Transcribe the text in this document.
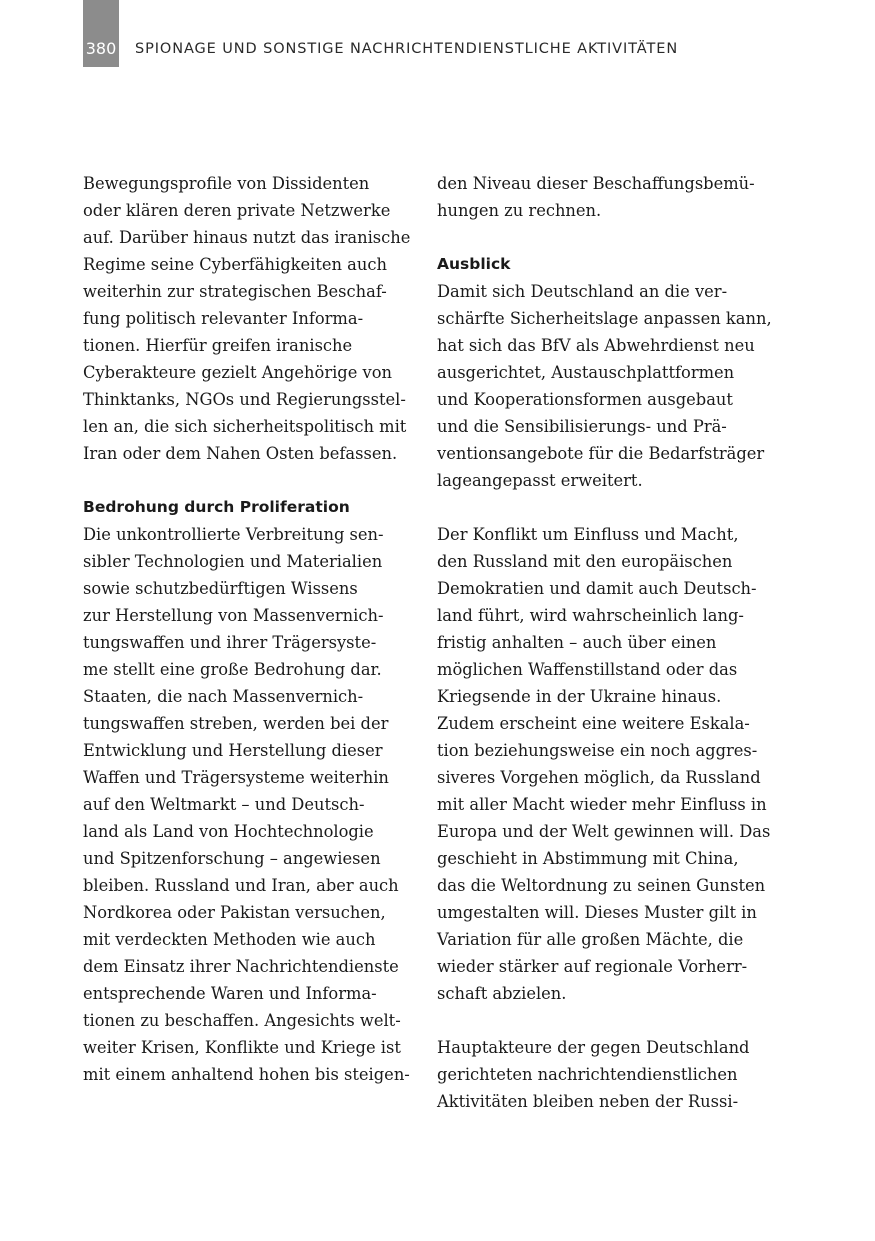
380 SPIONAGE UND SONSTIGE NACHRICHTENDIENSTLICHE AKTIVITÄTEN
Bewegungsprofile von Dissidenten
oder klären deren private Netzwerke
auf. Darüber hinaus nutzt das iranische
Regime seine Cyberfähigkeiten auch
weiterhin zur strategischen Beschaf-
fung politisch relevanter Informa-
tionen. Hierfür greifen iranische
Cyberakteure gezielt Angehörige von
Thinktanks, NGOs und Regierungsstel-
len an, die sich sicherheitspolitisch mit
Iran oder dem Nahen Osten befassen.
Bedrohung durch Proliferation
Die unkontrollierte Verbreitung sen-
sibler Technologien und Materialien
sowie schutzbedürftigen Wissens
zur Herstellung von Massenvernich-
tungswaffen und ihrer Trägersyste-
me stellt eine große Bedrohung dar.
Staaten, die nach Massenvernich-
tungswaffen streben, werden bei der
Entwicklung und Herstellung dieser
Waffen und Trägersysteme weiterhin
auf den Weltmarkt – und Deutsch-
land als Land von Hochtechnologie
und Spitzenforschung – angewiesen
bleiben. Russland und Iran, aber auch
Nordkorea oder Pakistan versuchen,
mit verdeckten Methoden wie auch
dem Einsatz ihrer Nachrichtendienste
entsprechende Waren und Informa-
tionen zu beschaffen. Angesichts welt-
weiter Krisen, Konflikte und Kriege ist
mit einem anhaltend hohen bis steigen-
den Niveau dieser Beschaffungsbemü-
hungen zu rechnen.
Ausblick
Damit sich Deutschland an die ver-
schärfte Sicherheitslage anpassen kann,
hat sich das BfV als Abwehrdienst neu
ausgerichtet, Austauschplattformen
und Kooperationsformen ausgebaut
und die Sensibilisierungs- und Prä-
ventionsangebote für die Bedarfsträger
lageangepasst erweitert.
Der Konflikt um Einfluss und Macht,
den Russland mit den europäischen
Demokratien und damit auch Deutsch-
land führt, wird wahrscheinlich lang-
fristig anhalten – auch über einen
möglichen Waffenstillstand oder das
Kriegsende in der Ukraine hinaus.
Zudem erscheint eine weitere Eskala-
tion beziehungsweise ein noch aggres-
siveres Vorgehen möglich, da Russland
mit aller Macht wieder mehr Einfluss in
Europa und der Welt gewinnen will. Das
geschieht in Abstimmung mit China,
das die Weltordnung zu seinen Gunsten
umgestalten will. Dieses Muster gilt in
Variation für alle großen Mächte, die
wieder stärker auf regionale Vorherr-
schaft abzielen.
Hauptakteure der gegen Deutschland
gerichteten nachrichtendienstlichen
Aktivitäten bleiben neben der Russi-
